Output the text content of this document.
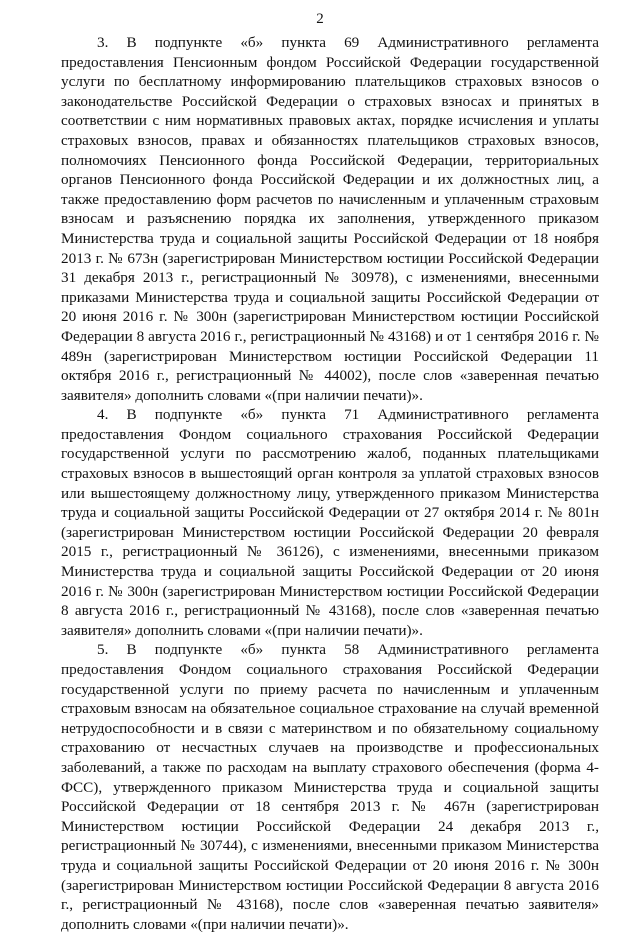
2

3. В подпункте «б» пункта 69 Административного регламента предоставления Пенсионным фондом Российской Федерации государственной услуги по бесплатному информированию плательщиков страховых взносов о законодательстве Российской Федерации о страховых взносах и принятых в соответствии с ним нормативных правовых актах, порядке исчисления и уплаты страховых взносов, правах и обязанностях плательщиков страховых взносов, полномочиях Пенсионного фонда Российской Федерации, территориальных органов Пенсионного фонда Российской Федерации и их должностных лиц, а также предоставлению форм расчетов по начисленным и уплаченным страховым взносам и разъяснению порядка их заполнения, утвержденного приказом Министерства труда и социальной защиты Российской Федерации от 18 ноября 2013 г. № 673н (зарегистрирован Министерством юстиции Российской Федерации 31 декабря 2013 г., регистрационный № 30978), с изменениями, внесенными приказами Министерства труда и социальной защиты Российской Федерации от 20 июня 2016 г. № 300н (зарегистрирован Министерством юстиции Российской Федерации 8 августа 2016 г., регистрационный № 43168) и от 1 сентября 2016 г. № 489н (зарегистрирован Министерством юстиции Российской Федерации 11 октября 2016 г., регистрационный № 44002), после слов «заверенная печатью заявителя» дополнить словами «(при наличии печати)».

4. В подпункте «б» пункта 71 Административного регламента предоставления Фондом социального страхования Российской Федерации государственной услуги по рассмотрению жалоб, поданных плательщиками страховых взносов в вышестоящий орган контроля за уплатой страховых взносов или вышестоящему должностному лицу, утвержденного приказом Министерства труда и социальной защиты Российской Федерации от 27 октября 2014 г. № 801н (зарегистрирован Министерством юстиции Российской Федерации 20 февраля 2015 г., регистрационный № 36126), с изменениями, внесенными приказом Министерства труда и социальной защиты Российской Федерации от 20 июня 2016 г. № 300н (зарегистрирован Министерством юстиции Российской Федерации 8 августа 2016 г., регистрационный № 43168), после слов «заверенная печатью заявителя» дополнить словами «(при наличии печати)».

5. В подпункте «б» пункта 58 Административного регламента предоставления Фондом социального страхования Российской Федерации государственной услуги по приему расчета по начисленным и уплаченным страховым взносам на обязательное социальное страхование на случай временной нетрудоспособности и в связи с материнством и по обязательному социальному страхованию от несчастных случаев на производстве и профессиональных заболеваний, а также по расходам на выплату страхового обеспечения (форма 4-ФСС), утвержденного приказом Министерства труда и социальной защиты Российской Федерации от 18 сентября 2013 г. № 467н (зарегистрирован Министерством юстиции Российской Федерации 24 декабря 2013 г., регистрационный № 30744), с изменениями, внесенными приказом Министерства труда и социальной защиты Российской Федерации от 20 июня 2016 г. № 300н (зарегистрирован Министерством юстиции Российской Федерации 8 августа 2016 г., регистрационный № 43168), после слов «заверенная печатью заявителя» дополнить словами «(при наличии печати)».
